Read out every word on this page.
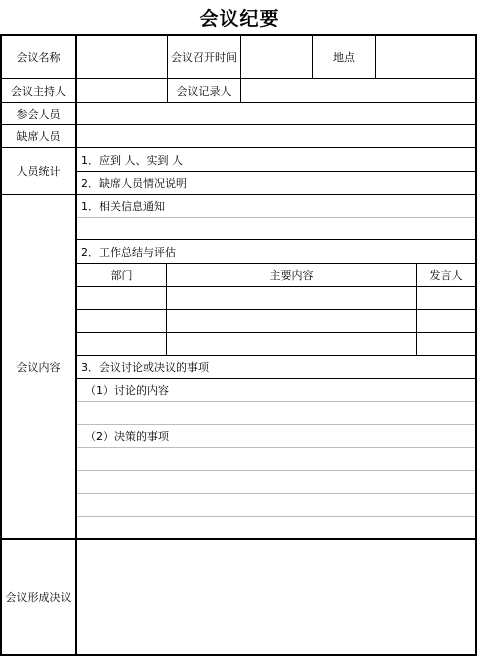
会议纪要
会议名称	会议召开时间	地点
会议主持人	会议记录人
参会人员
缺席人员
人员统计
1．应到 人、实到 人
2．缺席人员情况说明
会议内容
1．相关信息通知
2．工作总结与评估
部门	主要内容	发言人
3．会议讨论或决议的事项
（1）讨论的内容
（2）决策的事项
会议形成决议
